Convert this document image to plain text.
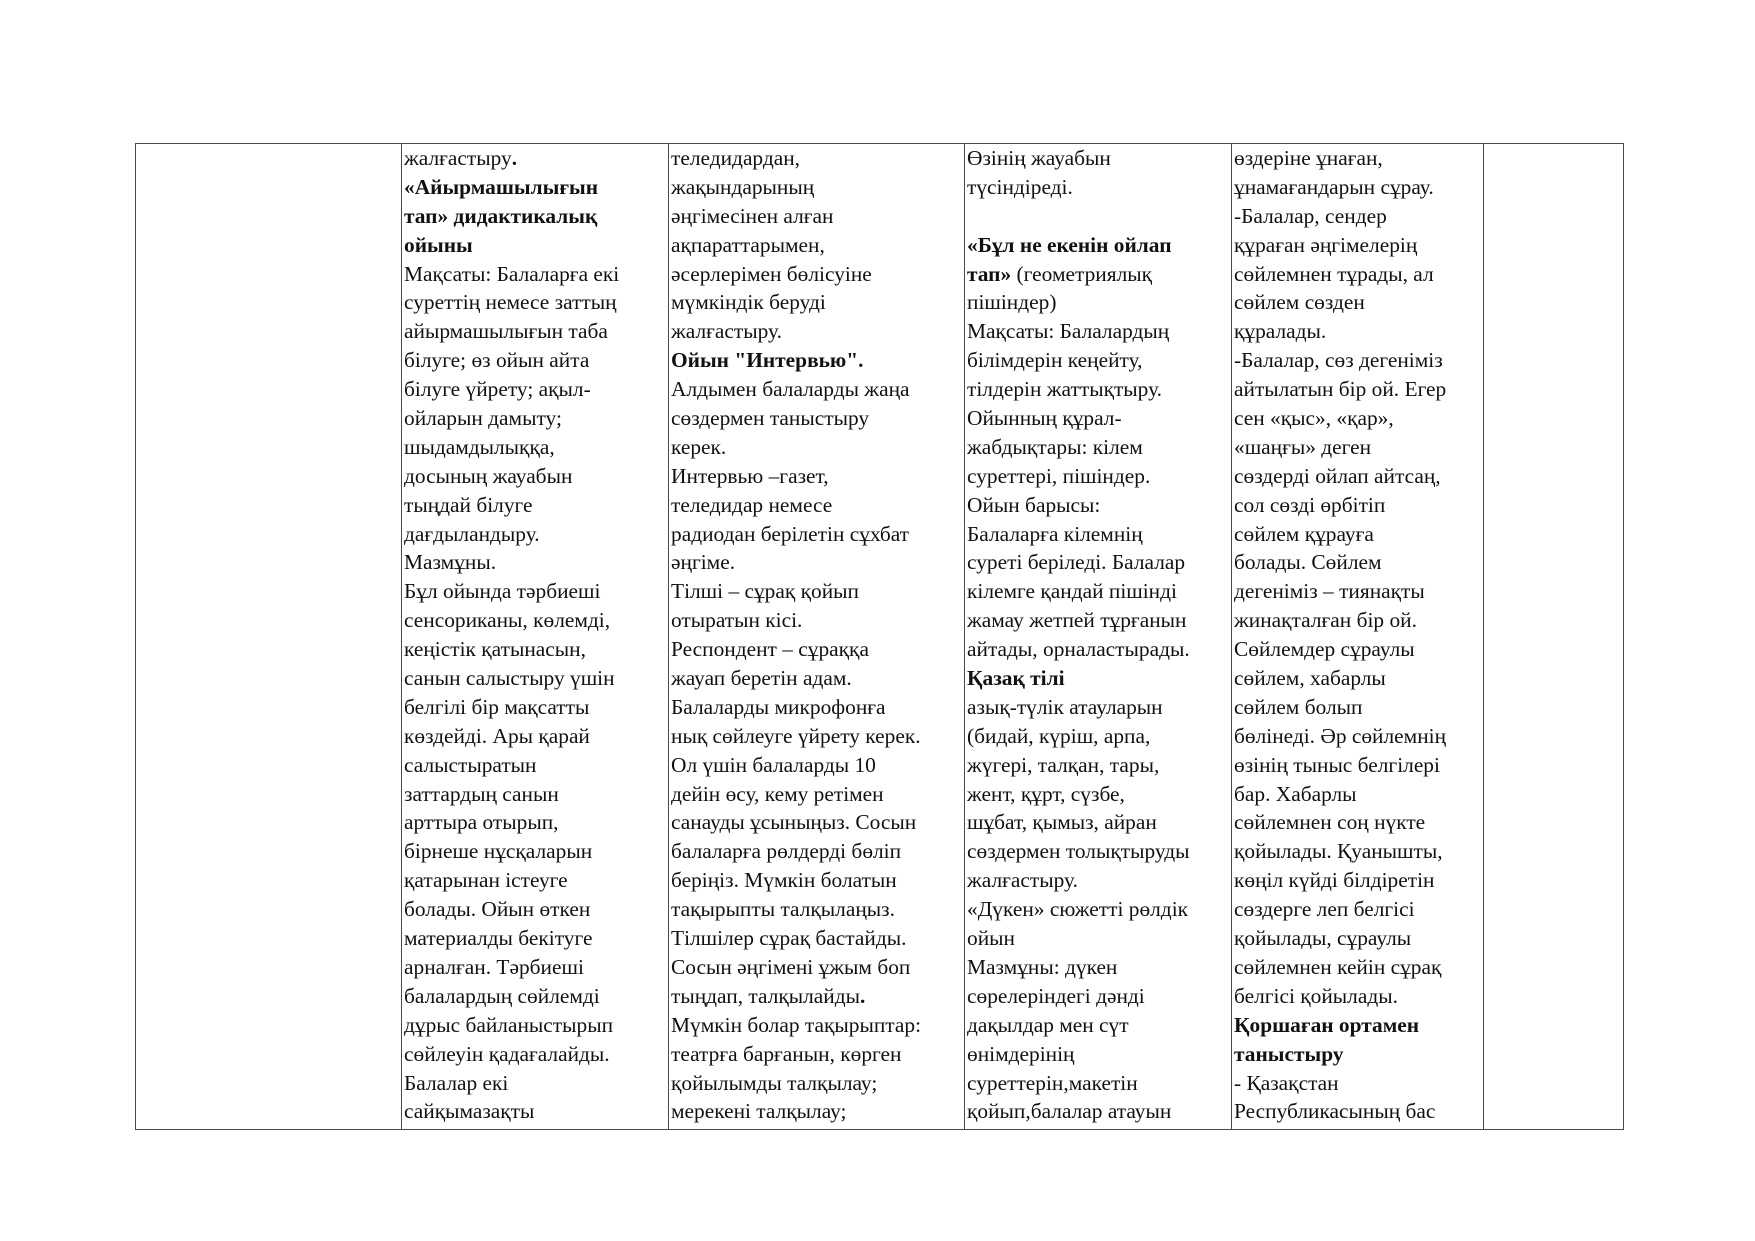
жалғастыру.
«Айырмашылығын
тап» дидактикалық
ойыны
Мақсаты: Балаларға екі
суреттің немесе заттың
айырмашылығын таба
білуге; өз ойын айта
білуге үйрету; ақыл-
ойларын дамыту;
шыдамдылыққа,
досының жауабын
тыңдай білуге
дағдыландыру.
Мазмұны.
Бұл ойында тәрбиеші
сенсориканы, көлемді,
кеңістік қатынасын,
санын салыстыру үшін
белгілі бір мақсатты
көздейді. Ары қарай
салыстыратын
заттардың санын
арттыра отырып,
бірнеше нұсқаларын
қатарынан істеуге
болады. Ойын өткен
материалды бекітуге
арналған. Тәрбиеші
балалардың сөйлемді
дұрыс байланыстырып
сөйлеуін қадағалайды.
Балалар екі
сайқымазақты

теледидардан,
жақындарының
әңгімесінен алған
ақпараттарымен,
әсерлерімен бөлісуіне
мүмкіндік беруді
жалғастыру.
Ойын "Интервью".
Алдымен балаларды жаңа
сөздермен таныстыру
керек.
Интервью –газет,
теледидар немесе
радиодан берілетін сұхбат
әңгіме.
Тілші – сұрақ қойып
отыратын кісі.
Респондент – сұраққа
жауап беретін адам.
Балаларды микрофонға
нық сөйлеуге үйрету керек.
Ол үшін балаларды 10
дейін өсу, кему ретімен
санауды ұсыныңыз. Сосын
балаларға рөлдерді бөліп
беріңіз. Мүмкін болатын
тақырыпты талқылаңыз.
Тілшілер сұрақ бастайды.
Сосын әңгімені ұжым боп
тыңдап, талқылайды.
Мүмкін болар тақырыптар:
театрға барғанын, көрген
қойылымды талқылау;
мерекені талқылау;

Өзінің жауабын
түсіндіреді.
«Бұл не екенін ойлап
тап» (геометриялық
пішіндер)
Мақсаты: Балалардың
білімдерін кеңейту,
тілдерін жаттықтыру.
Ойынның құрал-
жабдықтары: кілем
суреттері, пішіндер.
Ойын барысы:
Балаларға кілемнің
суреті беріледі. Балалар
кілемге қандай пішінді
жамау жетпей тұрғанын
айтады, орналастырады.
Қазақ тілі
азық-түлік атауларын
(бидай, күріш, арпа,
жүгері, талқан, тары,
жент, құрт, сүзбе,
шұбат, қымыз, айран
сөздермен толықтыруды
жалғастыру.
«Дүкен» сюжетті рөлдік
ойын
Мазмұны: дүкен
сөрелеріндегі дәнді
дақылдар мен сүт
өнімдерінің
суреттерін,макетін
қойып,балалар атауын

өздеріне ұнаған,
ұнамағандарын сұрау.
-Балалар, сендер
құраған әңгімелерің
сөйлемнен тұрады, ал
сөйлем сөзден
құралады.
-Балалар, сөз дегеніміз
айтылатын бір ой. Егер
сен «қыс», «қар»,
«шаңғы» деген
сөздерді ойлап айтсаң,
сол сөзді өрбітіп
сөйлем құрауға
болады. Сөйлем
дегеніміз – тиянақты
жинақталған бір ой.
Сөйлемдер сұраулы
сөйлем, хабарлы
сөйлем болып
бөлінеді. Әр сөйлемнің
өзінің тыныс белгілері
бар. Хабарлы
сөйлемнен соң нүкте
қойылады. Қуанышты,
көңіл күйді білдіретін
сөздерге леп белгісі
қойылады, сұраулы
сөйлемнен кейін сұрақ
белгісі қойылады.
Қоршаған ортамен
таныстыру
- Қазақстан
Республикасының бас
